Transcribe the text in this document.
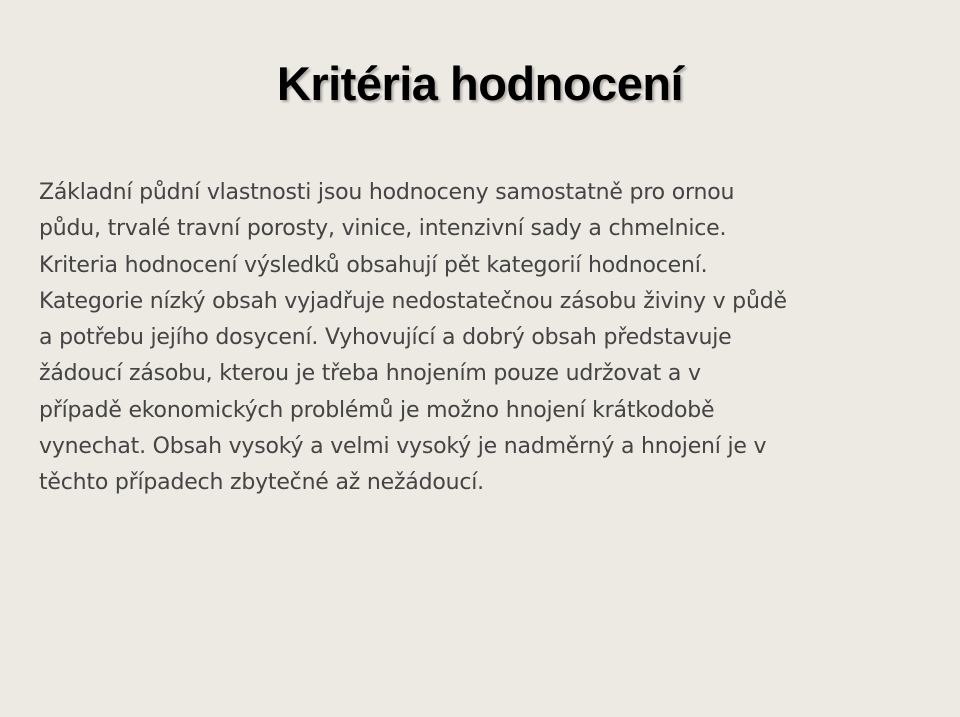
Kritéria hodnocení
Základní půdní vlastnosti jsou hodnoceny samostatně pro ornou
půdu, trvalé travní porosty, vinice, intenzivní sady a chmelnice.
Kriteria hodnocení výsledků obsahují pět kategorií hodnocení.
Kategorie nízký obsah vyjadřuje nedostatečnou zásobu živiny v půdě
a potřebu jejího dosycení. Vyhovující a dobrý obsah představuje
žádoucí zásobu, kterou je třeba hnojením pouze udržovat a v
případě ekonomických problémů je možno hnojení krátkodobě
vynechat. Obsah vysoký a velmi vysoký je nadměrný a hnojení je v
těchto případech zbytečné až nežádoucí.
